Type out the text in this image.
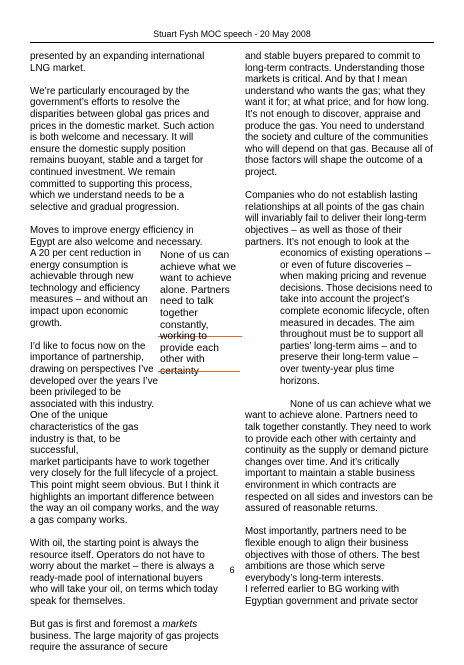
Stuart Fysh MOC speech - 20 May 2008

presented by an expanding international LNG market.

We’re particularly encouraged by the government’s efforts to resolve the disparities between global gas prices and prices in the domestic market. Such action is both welcome and necessary. It will ensure the domestic supply position remains buoyant, stable and a target for continued investment. We remain committed to supporting this process, which we understand needs to be a selective and gradual progression.

Moves to improve energy efficiency in Egypt are also welcome and necessary.
A 20 per cent reduction in energy consumption is achievable through new technology and efficiency measures – and without an impact upon economic growth.
I’d like to focus now on the importance of partnership, drawing on perspectives I’ve developed over the years I’ve been privileged to be associated with this industry. One of the unique characteristics of the gas industry is that, to be successful,
market participants have to work together very closely for the full lifecycle of a project. This point might seem obvious. But I think it highlights an important difference between the way an oil company works, and the way a gas company works.

With oil, the starting point is always the resource itself. Operators do not have to worry about the market – there is always a ready-made pool of international buyers who will take your oil, on terms which today speak for themselves.

But gas is first and foremost a markets business. The large majority of gas projects require the assurance of secure

and stable buyers prepared to commit to long-term contracts. Understanding those markets is critical. And by that I mean understand who wants the gas; what they want it for; at what price; and for how long. It’s not enough to discover, appraise and produce the gas. You need to understand the society and culture of the communities who will depend on that gas. Because all of those factors will shape the outcome of a project.

Companies who do not establish lasting relationships at all points of the gas chain will invariably fail to deliver their long-term objectives – as well as those of their partners. It’s not enough to look at the
economics of existing operations – or even of future discoveries – when making pricing and revenue decisions. Those decisions need to take into account the project’s complete economic lifecycle, often measured in decades. The aim throughout must be to support all parties’ long-term aims – and to preserve their long-term value – over twenty-year plus time horizons.
None of us can achieve what we
want to achieve alone. Partners need to talk together constantly. They need to work to provide each other with certainty and continuity as the supply or demand picture changes over time. And it’s critically important to maintain a stable business environment in which contracts are respected on all sides and investors can be assured of reasonable returns.
Most importantly, partners need to be flexible enough to align their business objectives with those of others. The best ambitions are those which serve everybody’s long-term interests.
I referred earlier to BG working with Egyptian government and private sector
None of us can achieve what we want to achieve alone. Partners need to talk together constantly, working to provide each other with certainty
6
